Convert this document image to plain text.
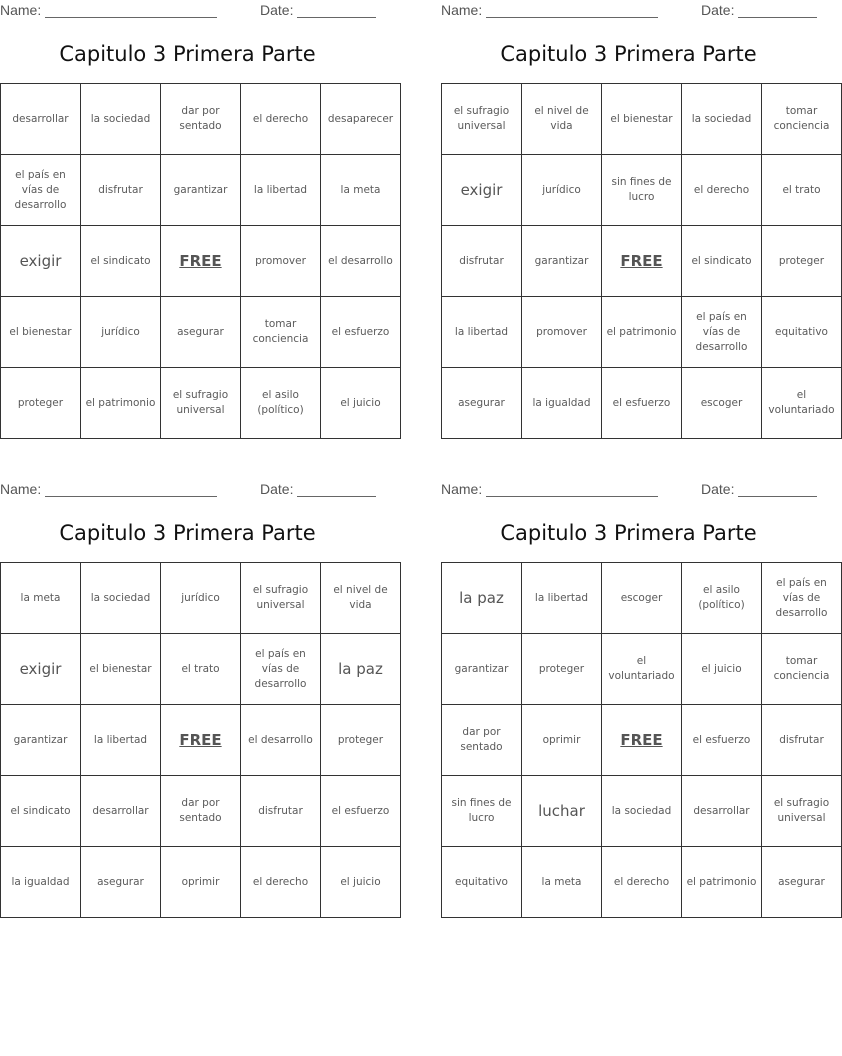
Name:	Date:
Capitulo 3 Primera Parte
desarrollar	la sociedad	dar por sentado	el derecho	desaparecer
el país en vías de desarrollo	disfrutar	garantizar	la libertad	la meta
exigir	el sindicato	FREE	promover	el desarrollo
el bienestar	jurídico	asegurar	tomar conciencia	el esfuerzo
proteger	el patrimonio	el sufragio universal	el asilo (político)	el juicio
Name:	Date:
Capitulo 3 Primera Parte
el sufragio universal	el nivel de vida	el bienestar	la sociedad	tomar conciencia
exigir	jurídico	sin fines de lucro	el derecho	el trato
disfrutar	garantizar	FREE	el sindicato	proteger
la libertad	promover	el patrimonio	el país en vías de desarrollo	equitativo
asegurar	la igualdad	el esfuerzo	escoger	el voluntariado
Name:	Date:
Capitulo 3 Primera Parte
la meta	la sociedad	jurídico	el sufragio universal	el nivel de vida
exigir	el bienestar	el trato	el país en vías de desarrollo	la paz
garantizar	la libertad	FREE	el desarrollo	proteger
el sindicato	desarrollar	dar por sentado	disfrutar	el esfuerzo
la igualdad	asegurar	oprimir	el derecho	el juicio
Name:	Date:
Capitulo 3 Primera Parte
la paz	la libertad	escoger	el asilo (político)	el país en vías de desarrollo
garantizar	proteger	el voluntariado	el juicio	tomar conciencia
dar por sentado	oprimir	FREE	el esfuerzo	disfrutar
sin fines de lucro	luchar	la sociedad	desarrollar	el sufragio universal
equitativo	la meta	el derecho	el patrimonio	asegurar
